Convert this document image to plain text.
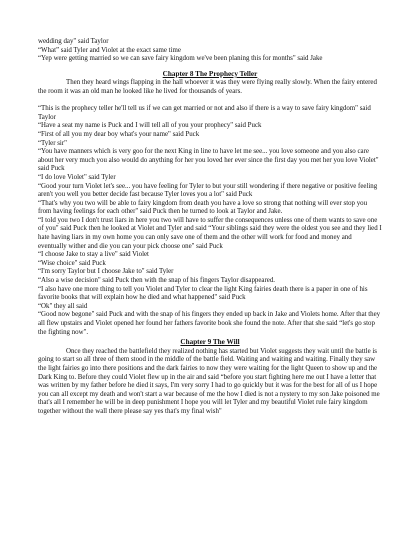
wedding day" said Taylor

“What” said Tyler and Violet at the exact same time

“Yep were getting married so we can save fairy kingdom we've been planing this for months" said Jake

Chapter 8 The Prophecy Teller

Then they heard wings flapping in the hall whoever it was they were flying really slowly. When the fairy entered the room it was an old man he looked like he lived for thousands of years.

“This is the prophecy teller he'll tell us if we can get married or not and also if there is a way to save fairy kingdom" said Taylor

“Have a seat my name is Puck and I will tell all of you your prophecy" said Puck

“First of all you my dear boy what's your name" said Puck

“Tyler sir"

“You have manners which is very goo for the next King in line to have let me see... you love someone and you also care about her very much you also would do anything for her you loved her ever since the first day you met her you love Violet" said Puck

“I do love Violet" said Tyler

“Good your turn Violet let's see... you have feeling for Tyler to but your still wondering if there negative or positive feeling aren't you well you better decide fast because Tyler loves you a lot" said Puck

“That's why you two will be able to fairy kingdom from death you have a love so strong that nothing will ever stop you from having feelings for each other" said Puck then he turned to look at Taylor and Jake.

“I told you two I don't trust liars in here you two will have to suffer the consequences unless one of them wants to save one of you" said Puck then he looked at Violet and Tyler and said “Your siblings said they were the oldest you see and they lied I hate having liars in my own home you can only save one of them and the other will work for food and money and eventually wither and die you can your pick choose one" said Puck

“I choose Jake to stay a live" said Violet

“Wise choice" said Puck

“I'm sorry Taylor but I choose Jake to" said Tyler

“Also a wise decision" said Puck then with the snap of his fingers Taylor disappeared.

“I also have one more thing to tell you Violet and Tyler to clear the light King fairies death there is a paper in one of his favorite books that will explain how he died and what happened" said Puck

“Ok" they all said

“Good now begone" said Puck and with the snap of his fingers they ended up back in Jake and Violets home. After that they all flew upstairs and Violet opened her found her fathers favorite book she found the note. After that she said “let's go stop the fighting now".

Chapter 9 The Will

Once they reached the battlefield they realized nothing has started but Violet suggests they wait until the battle is going to start so all three of them stood in the middle of the battle field. Waiting and waiting and waiting. Finally they saw the light fairies go into there positions and the dark fairies to now they were waiting for the light Queen to show up and the Dark King to. Before they could Violet flew up in the air and said “before you start fighting here me out I have a letter that was written by my father before he died it says, I'm very sorry I had to go quickly but it was for the best for all of us I hope you can all except my death and won't start a war because of me the how I died is not a nystery to my son Jake poisoned me that's all I remember he will be in deep punishment I hope you will let Tyler and my beautiful Violet rule fairy kingdom together without the wall there please say yes that's my final wish"
